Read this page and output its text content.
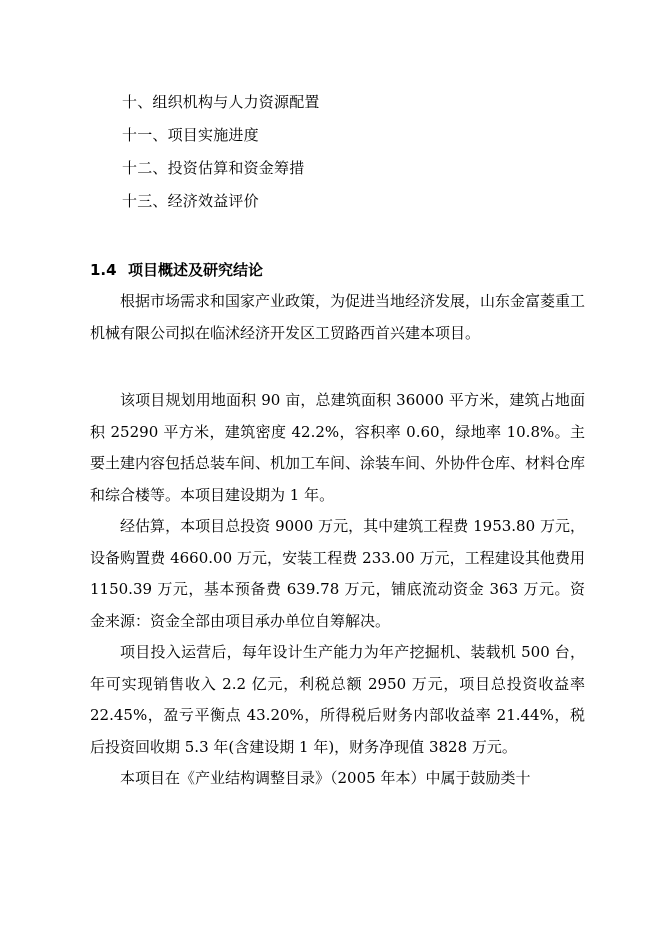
十、组织机构与人力资源配置
十一、项目实施进度
十二、投资估算和资金筹措
十三、经济效益评价
1.4 项目概述及研究结论

根据市场需求和国家产业政策，为促进当地经济发展，山东金富菱重工机械有限公司拟在临沭经济开发区工贸路西首兴建本项目。

该项目规划用地面积 90 亩，总建筑面积 36000 平方米，建筑占地面积 25290 平方米，建筑密度 42.2%，容积率 0.60，绿地率 10.8%。主要土建内容包括总装车间、机加工车间、涂装车间、外协件仓库、材料仓库和综合楼等。本项目建设期为 1 年。

经估算，本项目总投资 9000 万元，其中建筑工程费 1953.80 万元，设备购置费 4660.00 万元，安装工程费 233.00 万元，工程建设其他费用 1150.39 万元，基本预备费 639.78 万元，铺底流动资金 363 万元。资金来源：资金全部由项目承办单位自筹解决。

项目投入运营后，每年设计生产能力为年产挖掘机、装载机 500 台，年可实现销售收入 2.2 亿元，利税总额 2950 万元，项目总投资收益率 22.45%，盈亏平衡点 43.20%，所得税后财务内部收益率 21.44%，税后投资回收期 5.3 年(含建设期 1 年)，财务净现值 3828 万元。

本项目在《产业结构调整目录》（2005 年本）中属于鼓励类十
